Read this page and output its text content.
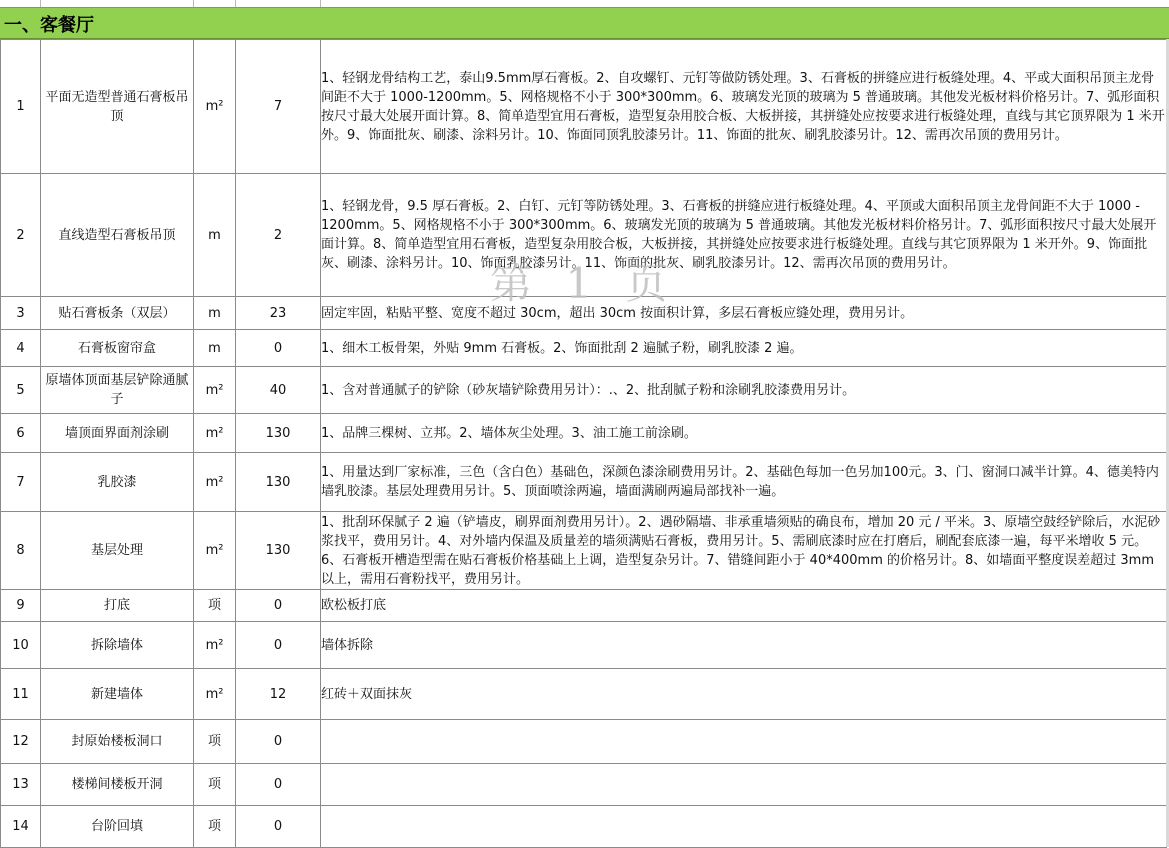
一、客餐厅
1	平面无造型普通石膏板吊顶	m²	7	1、轻钢龙骨结构工艺，泰山9.5mm厚石膏板。2、自攻螺钉、元钉等做防锈处理。3、石膏板的拼缝应进行板缝处理。4、平或大面积吊顶主龙骨间距不大于 1000-1200mm。5、网格规格不小于 300*300mm。6、玻璃发光顶的玻璃为 5 普通玻璃。其他发光板材料价格另计。7、弧形面积按尺寸最大处展开面计算。8、简单造型宜用石膏板，造型复杂用胶合板、大板拼接，其拼缝处应按要求进行板缝处理，直线与其它顶界限为 1 米开外。9、饰面批灰、刷漆、涂料另计。10、饰面同顶乳胶漆另计。11、饰面的批灰、刷乳胶漆另计。12、需再次吊顶的费用另计。
2	直线造型石膏板吊顶	m	2	1、轻钢龙骨，9.5 厚石膏板。2、白钉、元钉等防锈处理。3、石膏板的拼缝应进行板缝处理。4、平顶或大面积吊顶主龙骨间距不大于 1000 - 1200mm。5、网格规格不小于 300*300mm。6、玻璃发光顶的玻璃为 5 普通玻璃。其他发光板材料价格另计。7、弧形面积按尺寸最大处展开面计算。8、简单造型宜用石膏板，造型复杂用胶合板，大板拼接，其拼缝处应按要求进行板缝处理。直线与其它顶界限为 1 米开外。9、饰面批灰、刷漆、涂料另计。10、饰面乳胶漆另计。11、饰面的批灰、刷乳胶漆另计。12、需再次吊顶的费用另计。
3	贴石膏板条（双层）	m	23	固定牢固，粘贴平整、宽度不超过 30cm，超出 30cm 按面积计算，多层石膏板应缝处理，费用另计。
4	石膏板窗帘盒	m	0	1、细木工板骨架，外贴 9mm 石膏板。2、饰面批刮 2 遍腻子粉，刷乳胶漆 2 遍。
5	原墙体顶面基层铲除通腻子	m²	40	1、含对普通腻子的铲除（砂灰墙铲除费用另计）：.、2、批刮腻子粉和涂刷乳胶漆费用另计。
6	墙顶面界面剂涂刷	m²	130	1、品牌三棵树、立邦。2、墙体灰尘处理。3、油工施工前涂刷。
7	乳胶漆	m²	130	1、用量达到厂家标准，三色（含白色）基础色，深颜色漆涂刷费用另计。2、基础色每加一色另加100元。3、门、窗洞口减半计算。4、德美特内墙乳胶漆。基层处理费用另计。5、顶面喷涂两遍，墙面满刷两遍局部找补一遍。
8	基层处理	m²	130	1、批刮环保腻子 2 遍（铲墙皮，刷界面剂费用另计）。2、遇砂隔墙、非承重墙须贴的确良布，增加 20 元 / 平米。3、原墙空鼓经铲除后，水泥砂浆找平，费用另计。4、对外墙内保温及质量差的墙须满贴石膏板，费用另计。5、需刷底漆时应在打磨后，刷配套底漆一遍，每平米增收 5 元。6、石膏板开槽造型需在贴石膏板价格基础上上调，造型复杂另计。7、错缝间距小于 40*400mm 的价格另计。8、如墙面平整度误差超过 3mm 以上，需用石膏粉找平，费用另计。
9	打底	项	0	欧松板打底
10	拆除墙体	m²	0	墙体拆除
11	新建墙体	m²	12	红砖＋双面抹灰
12	封原始楼板洞口	项	0	
13	楼梯间楼板开洞	项	0	
14	台阶回填	项	0	
第 1 页
